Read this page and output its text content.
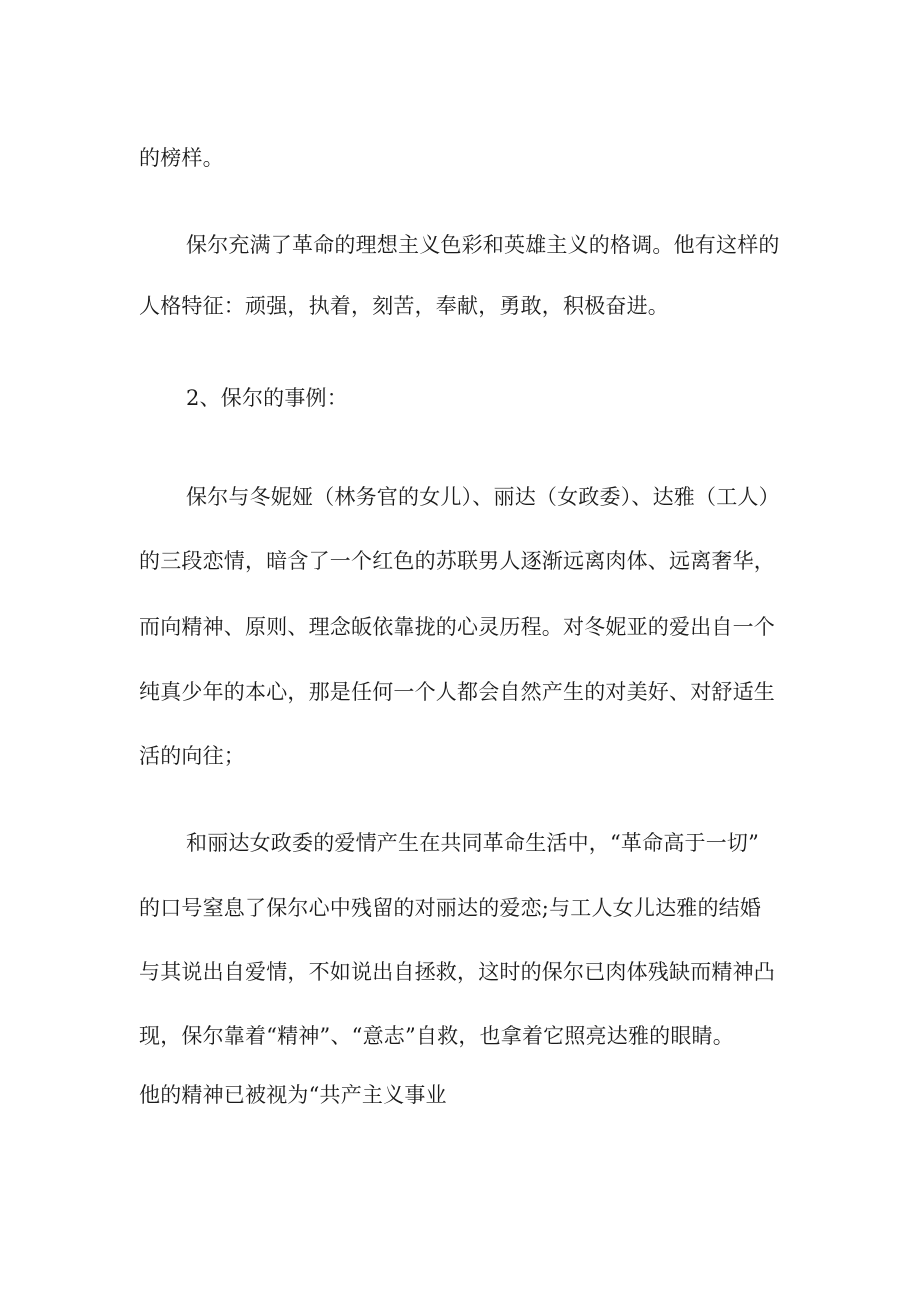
的榜样。
保尔充满了革命的理想主义色彩和英雄主义的格调。他有这样的
人格特征：顽强，执着，刻苦，奉献，勇敢，积极奋进。
2、保尔的事例：
保尔与冬妮娅（林务官的女儿）、丽达（女政委）、达雅（工人）
的三段恋情，暗含了一个红色的苏联男人逐渐远离肉体、远离奢华，
而向精神、原则、理念皈依靠拢的心灵历程。对冬妮亚的爱出自一个
纯真少年的本心，那是任何一个人都会自然产生的对美好、对舒适生
活的向往；
和丽达女政委的爱情产生在共同革命生活中，“革命高于一切”
的口号窒息了保尔心中残留的对丽达的爱恋;与工人女儿达雅的结婚
与其说出自爱情，不如说出自拯救，这时的保尔已肉体残缺而精神凸
现，保尔靠着“精神”、“意志”自救，也拿着它照亮达雅的眼睛。
他的精神已被视为“共产主义事业
